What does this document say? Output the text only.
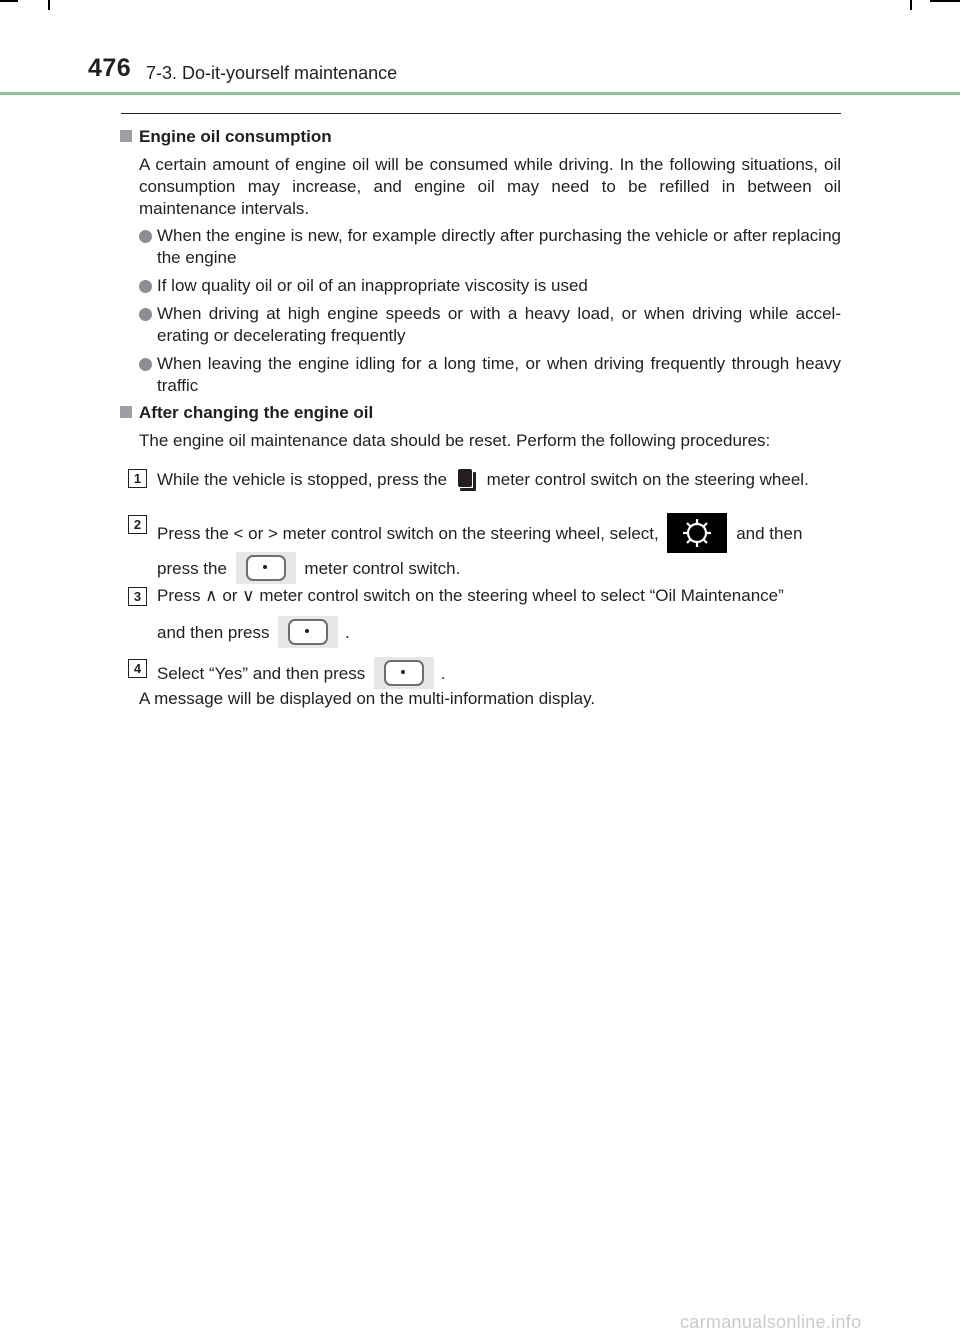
476 7-3. Do-it-yourself maintenance
Engine oil consumption
A certain amount of engine oil will be consumed while driving. In the following situations, oil consumption may increase, and engine oil may need to be refilled in between oil maintenance intervals.
When the engine is new, for example directly after purchasing the vehicle or after replacing the engine
If low quality oil or oil of an inappropriate viscosity is used
When driving at high engine speeds or with a heavy load, or when driving while accel-erating or decelerating frequently
When leaving the engine idling for a long time, or when driving frequently through heavy traffic
After changing the engine oil
The engine oil maintenance data should be reset. Perform the following procedures:
1 While the vehicle is stopped, press the meter control switch on the steering wheel.
2 Press the < or > meter control switch on the steering wheel, select,	and then
press the	meter control switch.
3 Press ∧ or ∨ meter control switch on the steering wheel to select “Oil Maintenance”
and then press	.
4 Select “Yes” and then press	.
A message will be displayed on the multi-information display.
carmanualsonline.info
